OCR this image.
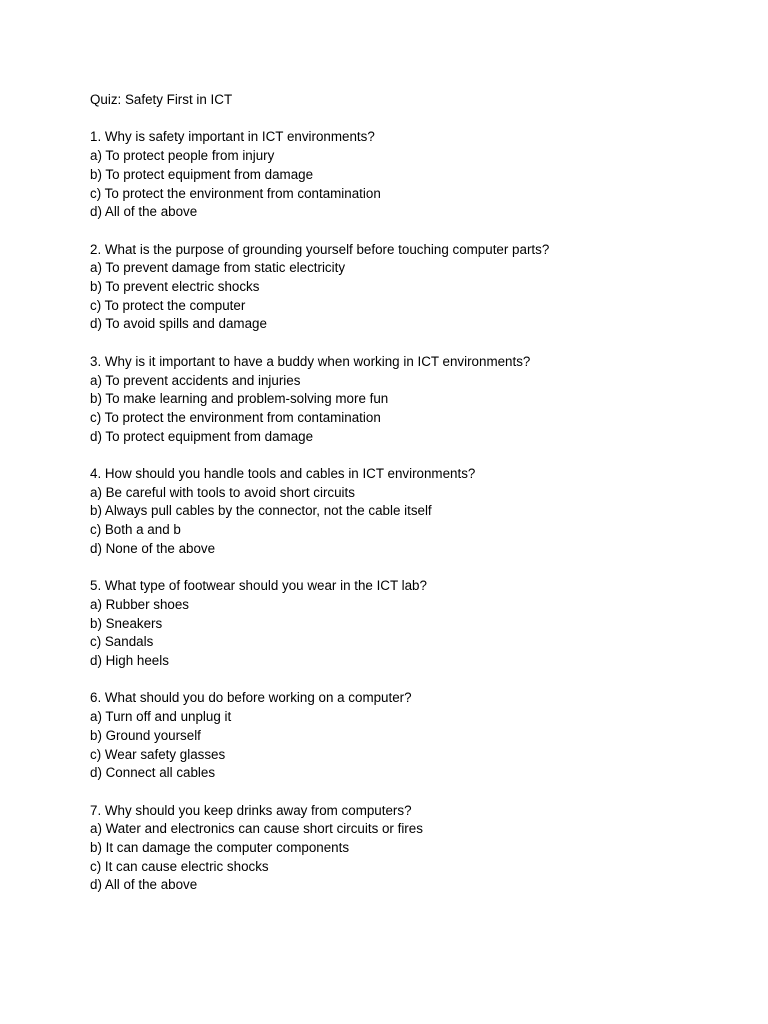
Quiz: Safety First in ICT
1. Why is safety important in ICT environments?
a) To protect people from injury
b) To protect equipment from damage
c) To protect the environment from contamination
d) All of the above
2. What is the purpose of grounding yourself before touching computer parts?
a) To prevent damage from static electricity
b) To prevent electric shocks
c) To protect the computer
d) To avoid spills and damage
3. Why is it important to have a buddy when working in ICT environments?
a) To prevent accidents and injuries
b) To make learning and problem-solving more fun
c) To protect the environment from contamination
d) To protect equipment from damage
4. How should you handle tools and cables in ICT environments?
a) Be careful with tools to avoid short circuits
b) Always pull cables by the connector, not the cable itself
c) Both a and b
d) None of the above
5. What type of footwear should you wear in the ICT lab?
a) Rubber shoes
b) Sneakers
c) Sandals
d) High heels
6. What should you do before working on a computer?
a) Turn off and unplug it
b) Ground yourself
c) Wear safety glasses
d) Connect all cables
7. Why should you keep drinks away from computers?
a) Water and electronics can cause short circuits or fires
b) It can damage the computer components
c) It can cause electric shocks
d) All of the above
